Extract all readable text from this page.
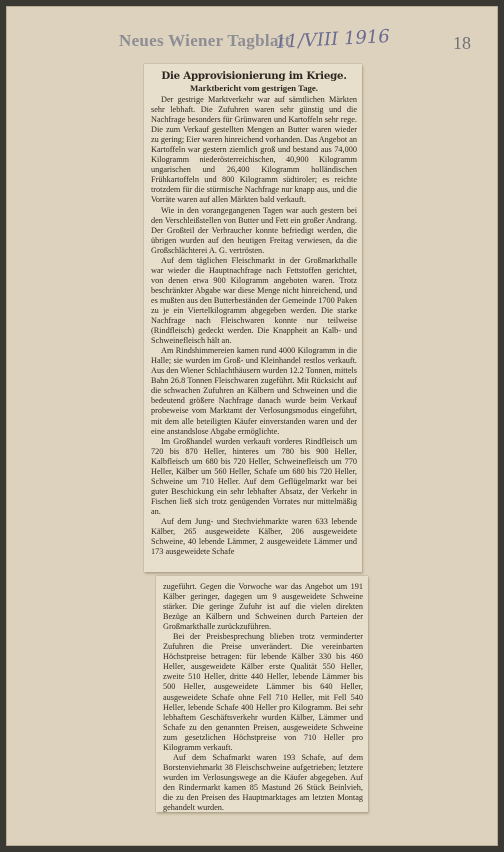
Neues Wiener Tagblatt
11/VIII 1916	18
Die Approvisionierung im Kriege.
Marktbericht vom gestrigen Tage.

Der gestrige Marktverkehr war auf sämtlichen Märkten sehr lebhaft. Die Zufuhren waren sehr günstig und die Nachfrage besonders für Grünwaren und Kartoffeln sehr rege. Die zum Verkauf gestellten Mengen an Butter waren wieder zu gering; Eier waren hinreichend vorhanden. Das Angebot an Kartoffeln war gestern ziemlich groß und bestand aus 74,000 Kilogramm niederösterreichischen, 40,900 Kilogramm ungarischen und 26,400 Kilogramm holländischen Frühkartoffeln und 800 Kilogramm südtiroler; es reichte trotzdem für die stürmische Nachfrage nur knapp aus, und die Vorräte waren auf allen Märkten bald verkauft.

Wie in den vorangegangenen Tagen war auch gestern bei den Verschleißstellen von Butter und Fett ein großer Andrang. Der Großteil der Verbraucher konnte befriedigt werden, die übrigen wurden auf den heutigen Freitag verwiesen, da die Großschlächterei A. G. vertrösten.

Auf dem täglichen Fleischmarkt in der Großmarkthalle war wieder die Hauptnachfrage nach Fettstoffen gerichtet, von denen etwa 900 Kilogramm angeboten waren. Trotz beschränkter Abgabe war diese Menge nicht hinreichend, und es mußten aus den Butterbeständen der Gemeinde 1700 Paken zu je ein Viertelkilogramm abgegeben werden. Die starke Nachfrage nach Fleischwaren konnte nur teilweise (Rindfleisch) gedeckt werden. Die Knappheit an Kalb- und Schweinefleisch hält an.

Am Rindshimmereien kamen rund 4000 Kilogramm in die Halle; sie wurden im Groß- und Kleinhandel restlos verkauft. Aus den Wiener Schlachthäusern wurden 12.2 Tonnen, mittels Bahn 26.8 Tonnen Fleischwaren zugeführt. Mit Rücksicht auf die schwachen Zufuhren an Kälbern und Schweinen und die bedeutend größere Nachfrage danach wurde beim Verkauf probeweise vom Marktamt der Verlosungsmodus eingeführt, mit dem alle beteiligten Käufer einverstanden waren und der eine anstandslose Abgabe ermöglichte.

Im Großhandel wurden verkauft vorderes Rindfleisch um 720 bis 870 Heller, hinteres um 780 bis 900 Heller, Kalbfleisch um 680 bis 720 Heller, Schweinefleisch um 770 Heller, Kälber um 560 Heller, Schafe um 680 bis 720 Heller, Schweine um 710 Heller. Auf dem Geflügelmarkt war bei guter Beschickung ein sehr lebhafter Absatz, der Verkehr in Fischen ließ sich trotz genügenden Vorrates nur mittelmäßig an.

Auf dem Jung- und Stechviehmarkte waren 633 lebende Kälber, 265 ausgeweidete Kälber, 206 ausgeweidete Schweine, 40 lebende Lämmer, 2 ausgeweidete Lämmer und 173 ausgeweidete Schafe

zugeführt. Gegen die Vorwoche war das Angebot um 191 Kälber geringer, dagegen um 9 ausgeweidete Schweine stärker. Die geringe Zufuhr ist auf die vielen direkten Bezüge an Kälbern und Schweinen durch Parteien der Großmarkthalle zurückzuführen.

Bei der Preisbesprechung blieben trotz verminderter Zufuhren die Preise unverändert. Die vereinbarten Höchstpreise betragen: für lebende Kälber 330 bis 460 Heller, ausgeweidete Kälber erste Qualität 550 Heller, zweite 510 Heller, dritte 440 Heller, lebende Lämmer bis 500 Heller, ausgeweidete Lämmer bis 640 Heller, ausgeweidete Schafe ohne Fell 710 Heller, mit Fell 540 Heller, lebende Schafe 400 Heller pro Kilogramm. Bei sehr lebhaftem Geschäftsverkehr wurden Kälber, Lämmer und Schafe zu den genannten Preisen, ausgeweidete Schweine zum gesetzlichen Höchstpreise von 710 Heller pro Kilogramm verkauft.

Auf dem Schafmarkt waren 193 Schafe, auf dem Borstenviehmarkt 38 Fleischschweine aufgetrieben; letztere wurden im Verlosungswege an die Käufer abgegeben. Auf den Rindermarkt kamen 85 Mastund 26 Stück Beinlvieh, die zu den Preisen des Hauptmarktages am letzten Montag gehandelt wurden.
